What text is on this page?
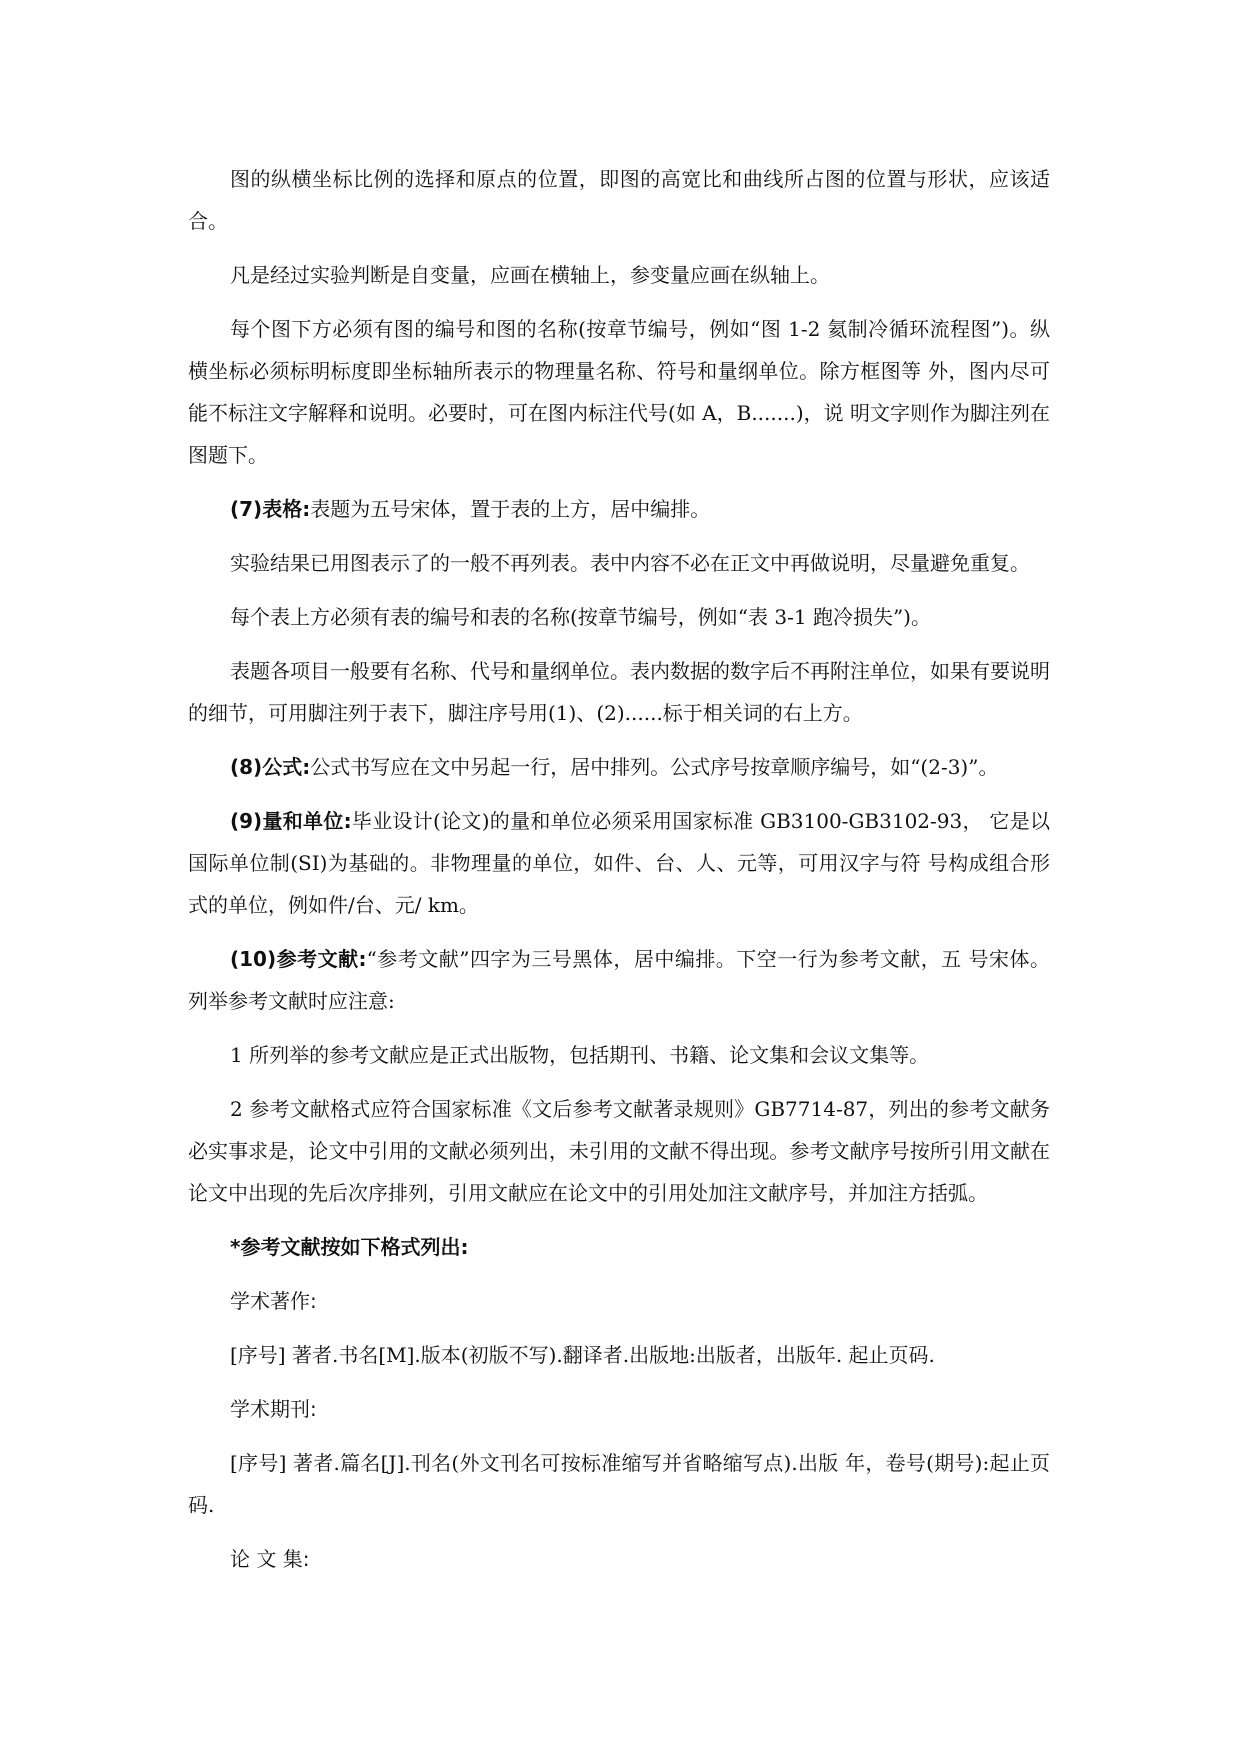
图的纵横坐标比例的选择和原点的位置，即图的高宽比和曲线所占图的位置与形状，应该适合。

凡是经过实验判断是自变量，应画在横轴上，参变量应画在纵轴上。

每个图下方必须有图的编号和图的名称(按章节编号，例如“图 1-2 氦制冷循环流程图”)。纵横坐标必须标明标度即坐标轴所表示的物理量名称、符号和量纲单位。除方框图等 外，图内尽可能不标注文字解释和说明。必要时，可在图内标注代号(如 A，B.......)，说 明文字则作为脚注列在图题下。

(7)表格:表题为五号宋体，置于表的上方，居中编排。

实验结果已用图表示了的一般不再列表。表中内容不必在正文中再做说明，尽量避免重复。

每个表上方必须有表的编号和表的名称(按章节编号，例如“表 3-1 跑冷损失”)。

表题各项目一般要有名称、代号和量纲单位。表内数据的数字后不再附注单位，如果有要说明的细节，可用脚注列于表下，脚注序号用(1)、(2)......标于相关词的右上方。

(8)公式:公式书写应在文中另起一行，居中排列。公式序号按章顺序编号，如“(2-3)”。

(9)量和单位:毕业设计(论文)的量和单位必须采用国家标准 GB3100-GB3102-93， 它是以国际单位制(SI)为基础的。非物理量的单位，如件、台、人、元等，可用汉字与符 号构成组合形式的单位，例如件/台、元/ km。

(10)参考文献:“参考文献”四字为三号黑体，居中编排。下空一行为参考文献，五 号宋体。 列举参考文献时应注意:

1 所列举的参考文献应是正式出版物，包括期刊、书籍、论文集和会议文集等。

2 参考文献格式应符合国家标准《文后参考文献著录规则》GB7714-87，列出的参考文献务必实事求是，论文中引用的文献必须列出，未引用的文献不得出现。参考文献序号按所引用文献在论文中出现的先后次序排列，引用文献应在论文中的引用处加注文献序号，并加注方括弧。

*参考文献按如下格式列出:

学术著作:

[序号] 著者.书名[M].版本(初版不写).翻译者.出版地:出版者，出版年. 起止页码.

学术期刊:

[序号] 著者.篇名[J].刊名(外文刊名可按标准缩写并省略缩写点).出版 年，卷号(期号):起止页码.

论 文 集:
